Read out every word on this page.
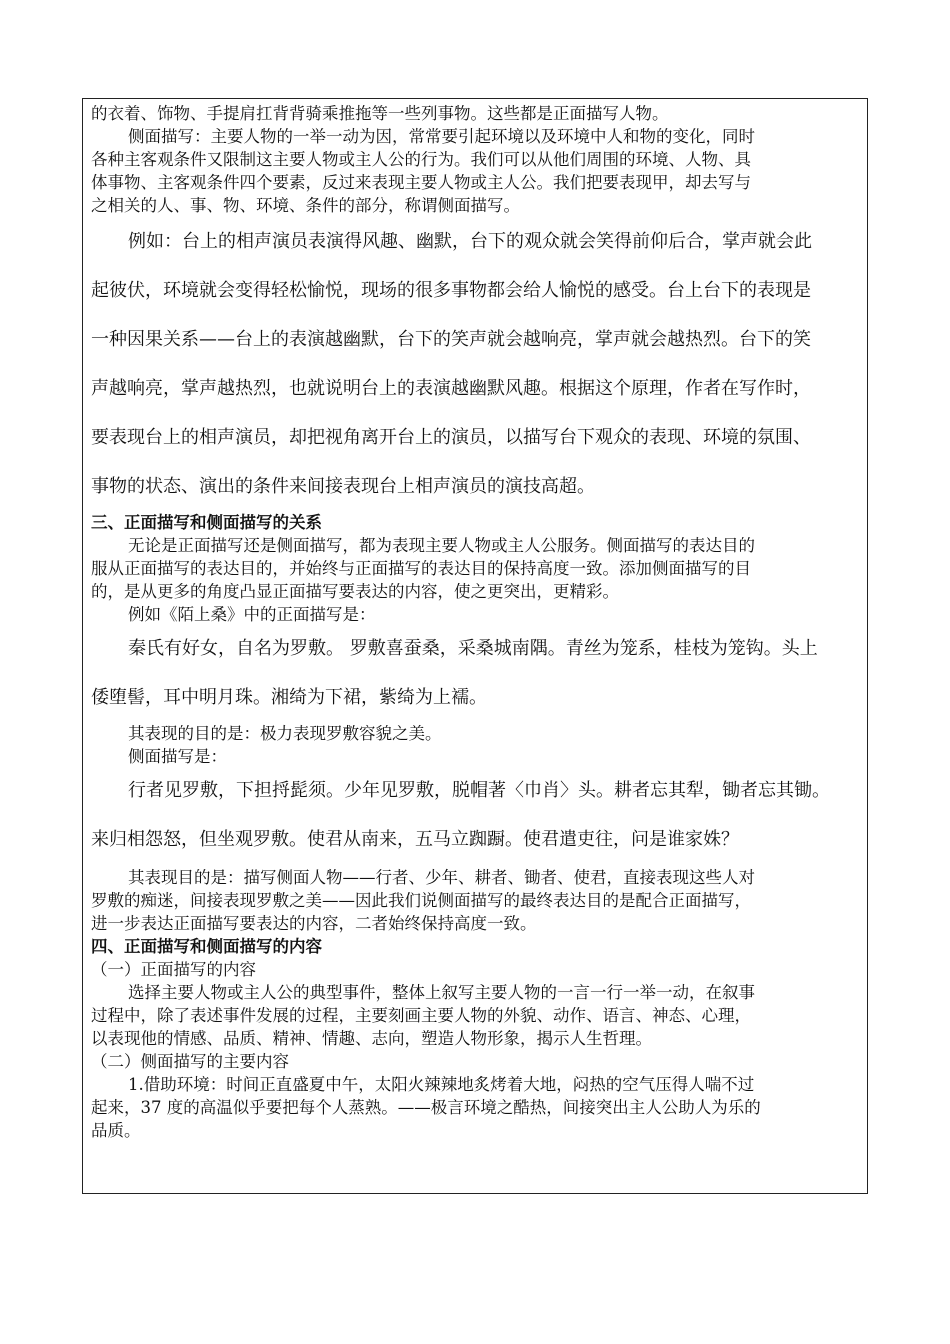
的衣着、饰物、手提肩扛背背骑乘推拖等一些列事物。这些都是正面描写人物。

侧面描写：主要人物的一举一动为因，常常要引起环境以及环境中人和物的变化，同时

各种主客观条件又限制这主要人物或主人公的行为。我们可以从他们周围的环境、人物、具

体事物、主客观条件四个要素，反过来表现主要人物或主人公。我们把要表现甲，却去写与

之相关的人、事、物、环境、条件的部分，称谓侧面描写。

例如：台上的相声演员表演得风趣、幽默，台下的观众就会笑得前仰后合，掌声就会此

起彼伏，环境就会变得轻松愉悦，现场的很多事物都会给人愉悦的感受。台上台下的表现是

一种因果关系——台上的表演越幽默，台下的笑声就会越响亮，掌声就会越热烈。台下的笑

声越响亮，掌声越热烈，也就说明台上的表演越幽默风趣。根据这个原理，作者在写作时，

要表现台上的相声演员，却把视角离开台上的演员，以描写台下观众的表现、环境的氛围、

事物的状态、演出的条件来间接表现台上相声演员的演技高超。

三、正面描写和侧面描写的关系

无论是正面描写还是侧面描写，都为表现主要人物或主人公服务。侧面描写的表达目的

服从正面描写的表达目的，并始终与正面描写的表达目的保持高度一致。添加侧面描写的目

的，是从更多的角度凸显正面描写要表达的内容，使之更突出，更精彩。

例如《陌上桑》中的正面描写是：

秦氏有好女，自名为罗敷。 罗敷喜蚕桑，采桑城南隅。青丝为笼系，桂枝为笼钩。头上

倭堕髻，耳中明月珠。湘绮为下裙，紫绮为上襦。

其表现的目的是：极力表现罗敷容貌之美。

侧面描写是：

行者见罗敷，下担捋髭须。少年见罗敷，脱帽著〈巾肖〉头。耕者忘其犁，锄者忘其锄。

来归相怨怒，但坐观罗敷。使君从南来，五马立踟蹰。使君遣吏往，问是谁家姝？

其表现目的是：描写侧面人物——行者、少年、耕者、锄者、使君，直接表现这些人对

罗敷的痴迷，间接表现罗敷之美——因此我们说侧面描写的最终表达目的是配合正面描写，

进一步表达正面描写要表达的内容，二者始终保持高度一致。

四、正面描写和侧面描写的内容

（一）正面描写的内容

选择主要人物或主人公的典型事件，整体上叙写主要人物的一言一行一举一动，在叙事

过程中，除了表述事件发展的过程，主要刻画主要人物的外貌、动作、语言、神态、心理，

以表现他的情感、品质、精神、情趣、志向，塑造人物形象，揭示人生哲理。

（二）侧面描写的主要内容

1.借助环境：时间正直盛夏中午，太阳火辣辣地炙烤着大地，闷热的空气压得人喘不过

起来，37 度的高温似乎要把每个人蒸熟。——极言环境之酷热，间接突出主人公助人为乐的

品质。
